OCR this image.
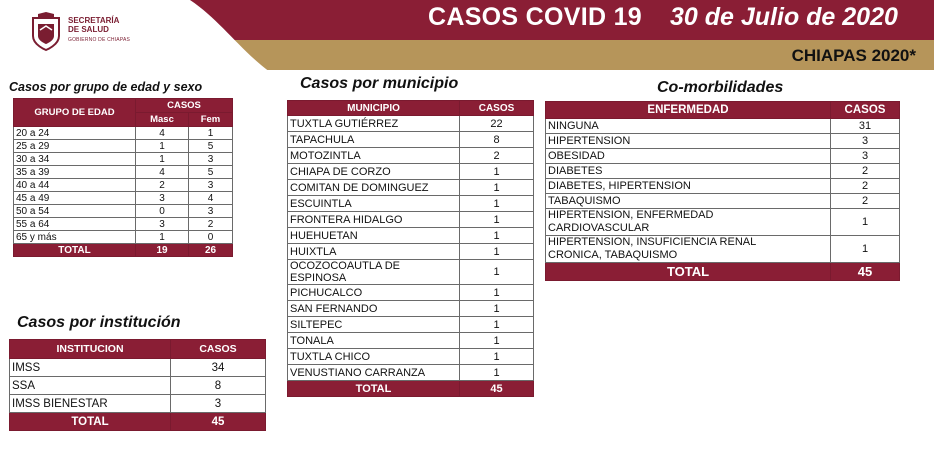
SECRETARÍA
DE SALUD
GOBIERNO DE CHIAPAS
CASOS COVID 19 30 de Julio de 2020
CHIAPAS 2020*
Casos por grupo de edad y sexo
GRUPO DE EDAD	CASOS	
	Masc	Fem
20 a 24	4	1
25 a 29	1	5
30 a 34	1	3
35 a 39	4	5
40 a 44	2	3
45 a 49	3	4
50 a 54	0	3
55 a 64	3	2
65 y más	1	0
TOTAL	19	26
Casos por institución
INSTITUCION	CASOS
IMSS	34
SSA	8
IMSS BIENESTAR	3
TOTAL	45
Casos por municipio
MUNICIPIO	CASOS
TUXTLA GUTIÉRREZ	22
TAPACHULA	8
MOTOZINTLA	2
CHIAPA DE CORZO	1
COMITAN DE DOMINGUEZ	1
ESCUINTLA	1
FRONTERA HIDALGO	1
HUEHUETAN	1
HUIXTLA	1
OCOZOCOAUTLA DE ESPINOSA	1
PICHUCALCO	1
SAN FERNANDO	1
SILTEPEC	1
TONALA	1
TUXTLA CHICO	1
VENUSTIANO CARRANZA	1
TOTAL	45
Co-morbilidades
ENFERMEDAD	CASOS
NINGUNA	31
HIPERTENSION	3
OBESIDAD	3
DIABETES	2
DIABETES, HIPERTENSION	2
TABAQUISMO	2
HIPERTENSION, ENFERMEDAD CARDIOVASCULAR	1
HIPERTENSION, INSUFICIENCIA RENAL CRONICA, TABAQUISMO	1
TOTAL	45
